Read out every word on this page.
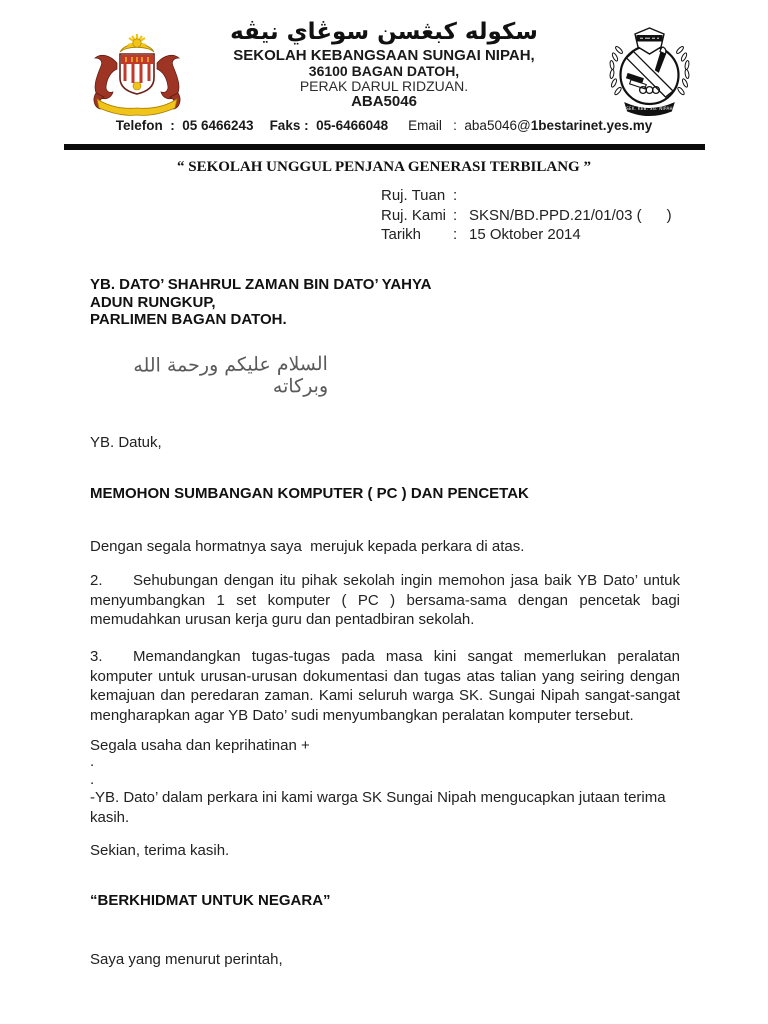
سكوله كبڠسن سوڠاي نيڤه
SEKOLAH KEBANGSAAN SUNGAI NIPAH,
36100 BAGAN DATOH,
PERAK DARUL RIDZUAN.
ABA5046	SEK. KEB. SG. NIPAH
Telefon  :  05 6466243 Faks :  05-6466048 Email   :  aba5046@1bestarinet.yes.my
“ SEKOLAH UNGGUL PENJANA GENERASI TERBILANG ”
Ruj. Tuan :
Ruj. Kami : SKSN/BD.PPD.21/01/03 (      )
Tarikh	: 15 Oktober 2014
YB. DATO’ SHAHRUL ZAMAN BIN DATO’ YAHYA
ADUN RUNGKUP,
PARLIMEN BAGAN DATOH.
السلام عليكم ورحمة الله وبركاته
YB. Datuk,
MEMOHON SUMBANGAN KOMPUTER ( PC ) DAN PENCETAK
Dengan segala hormatnya saya  merujuk kepada perkara di atas.

2. Sehubungan dengan itu pihak sekolah ingin memohon jasa baik YB Dato’ untuk menyumbangkan 1 set komputer ( PC ) bersama-sama dengan pencetak bagi memudahkan urusan kerja guru dan pentadbiran sekolah.

3. Memandangkan tugas-tugas pada masa kini sangat memerlukan peralatan komputer untuk urusan-urusan dokumentasi dan tugas atas talian yang seiring dengan kemajuan dan peredaran zaman. Kami seluruh warga SK. Sungai Nipah sangat-sangat mengharapkan agar YB Dato’ sudi menyumbangkan peralatan komputer tersebut.

Segala usaha dan keprihatinan +
.
.
-YB. Dato’ dalam perkara ini kami warga SK Sungai Nipah mengucapkan jutaan terima kasih.
Sekian, terima kasih.
“BERKHIDMAT UNTUK NEGARA”
Saya yang menurut perintah,
